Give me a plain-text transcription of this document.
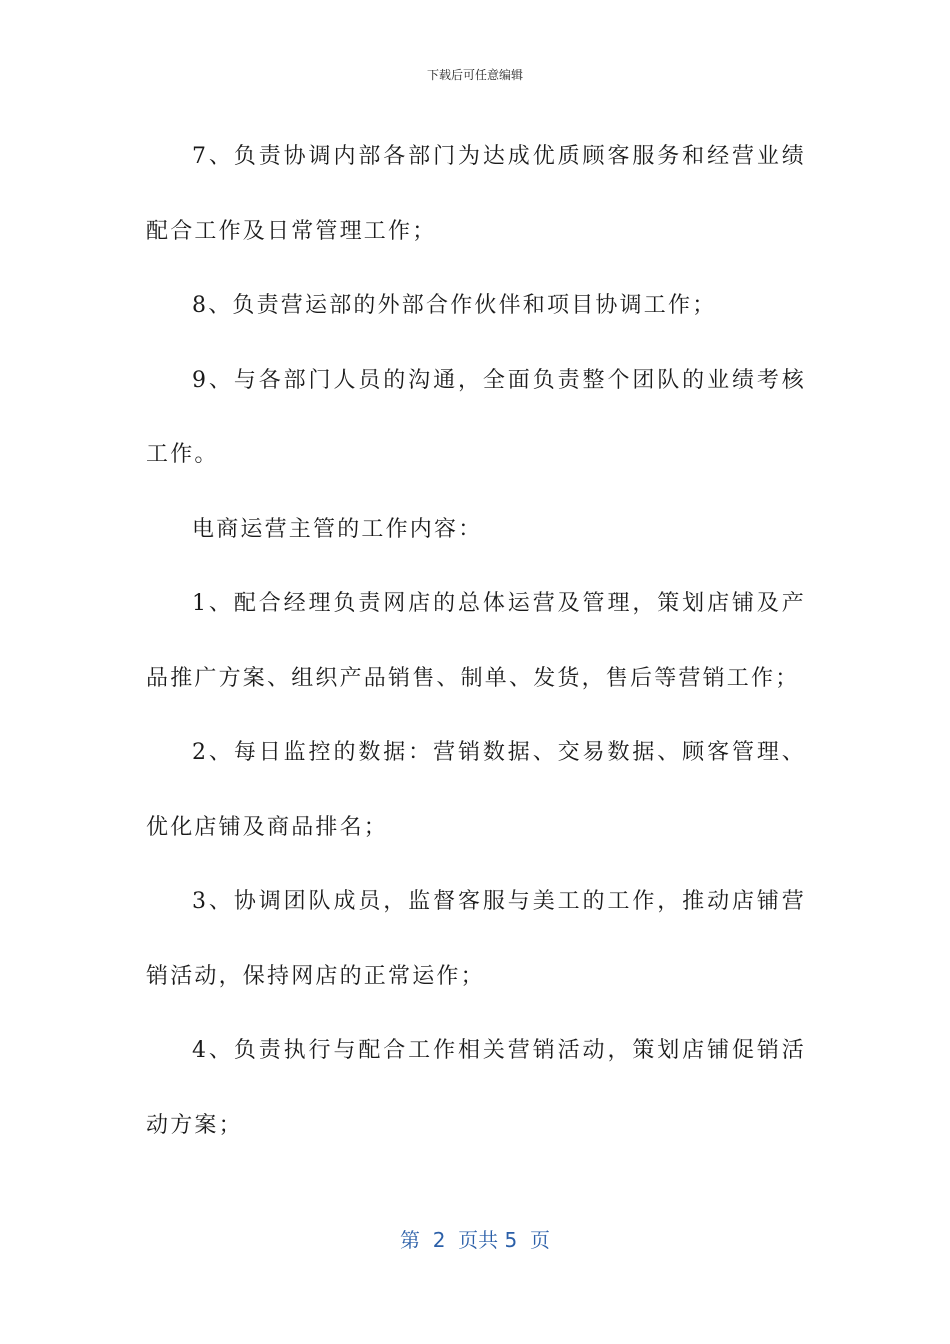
下载后可任意编辑

7、负责协调内部各部门为达成优质顾客服务和经营业绩配合工作及日常管理工作；

8、负责营运部的外部合作伙伴和项目协调工作；

9、与各部门人员的沟通，全面负责整个团队的业绩考核工作。

电商运营主管的工作内容：

1、配合经理负责网店的总体运营及管理，策划店铺及产品推广方案、组织产品销售、制单、发货，售后等营销工作；

2、每日监控的数据：营销数据、交易数据、顾客管理、优化店铺及商品排名；

3、协调团队成员，监督客服与美工的工作，推动店铺营销活动，保持网店的正常运作；

4、负责执行与配合工作相关营销活动，策划店铺促销活动方案；

第  2  页共 5  页
